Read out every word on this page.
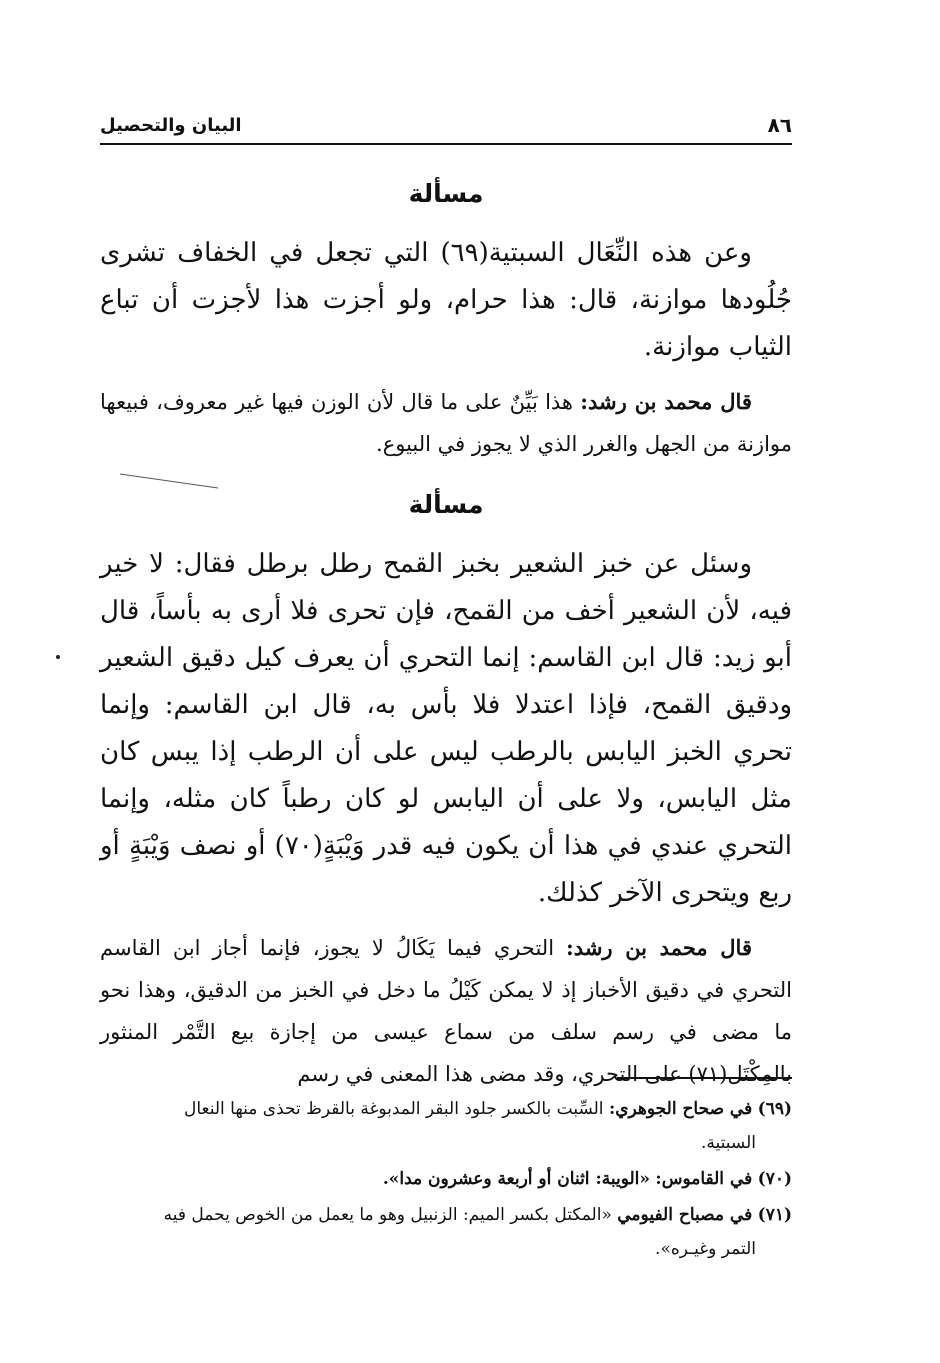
٨٦
البيان والتحصيل
مسألة

وعن هذه النِّعَال السبتية(٦٩) التي تجعل في الخفاف تشرى جُلُودها موازنة، قال: هذا حرام، ولو أجزت هذا لأجزت أن تباع الثياب موازنة.

قال محمد بن رشد: هذا بَيِّنٌ على ما قال لأن الوزن فيها غير معروف، فبيعها موازنة من الجهل والغرر الذي لا يجوز في البيوع.

مسألة

وسئل عن خبز الشعير بخبز القمح رطل برطل فقال: لا خير فيه، لأن الشعير أخف من القمح، فإن تحرى فلا أرى به بأساً، قال أبو زيد: قال ابن القاسم: إنما التحري أن يعرف كيل دقيق الشعير ودقيق القمح، فإذا اعتدلا فلا بأس به، قال ابن القاسم: وإنما تحري الخبز اليابس بالرطب ليس على أن الرطب إذا يبس كان مثل اليابس، ولا على أن اليابس لو كان رطباً كان مثله، وإنما التحري عندي في هذا أن يكون فيه قدر وَيْبَةٍ(٧٠) أو نصف وَيْبَةٍ أو ربع ويتحرى الآخر كذلك.

قال محمد بن رشد: التحري فيما يَكَالُ لا يجوز، فإنما أجاز ابن القاسم التحري في دقيق الأخباز إذ لا يمكن كَيْلُ ما دخل في الخبز من الدقيق، وهذا نحو ما مضى في رسم سلف من سماع عيسى من إجازة بيع التَّمْر المنثور بالمِكْتَل(٧١) على التحري، وقد مضى هذا المعنى في رسم

(٦٩) في صحاح الجوهري: السِّبت بالكسر جلود البقر المدبوغة بالقرظ تحذى منها النعال
السبتية.

(٧٠) في القاموس: «الويبة: اثنان أو أربعة وعشرون مدا».

(٧١) في مصباح الفيومي «المكتل بكسر الميم: الزنبيل وهو ما يعمل من الخوص يحمل فيه
التمر وغيـره».
